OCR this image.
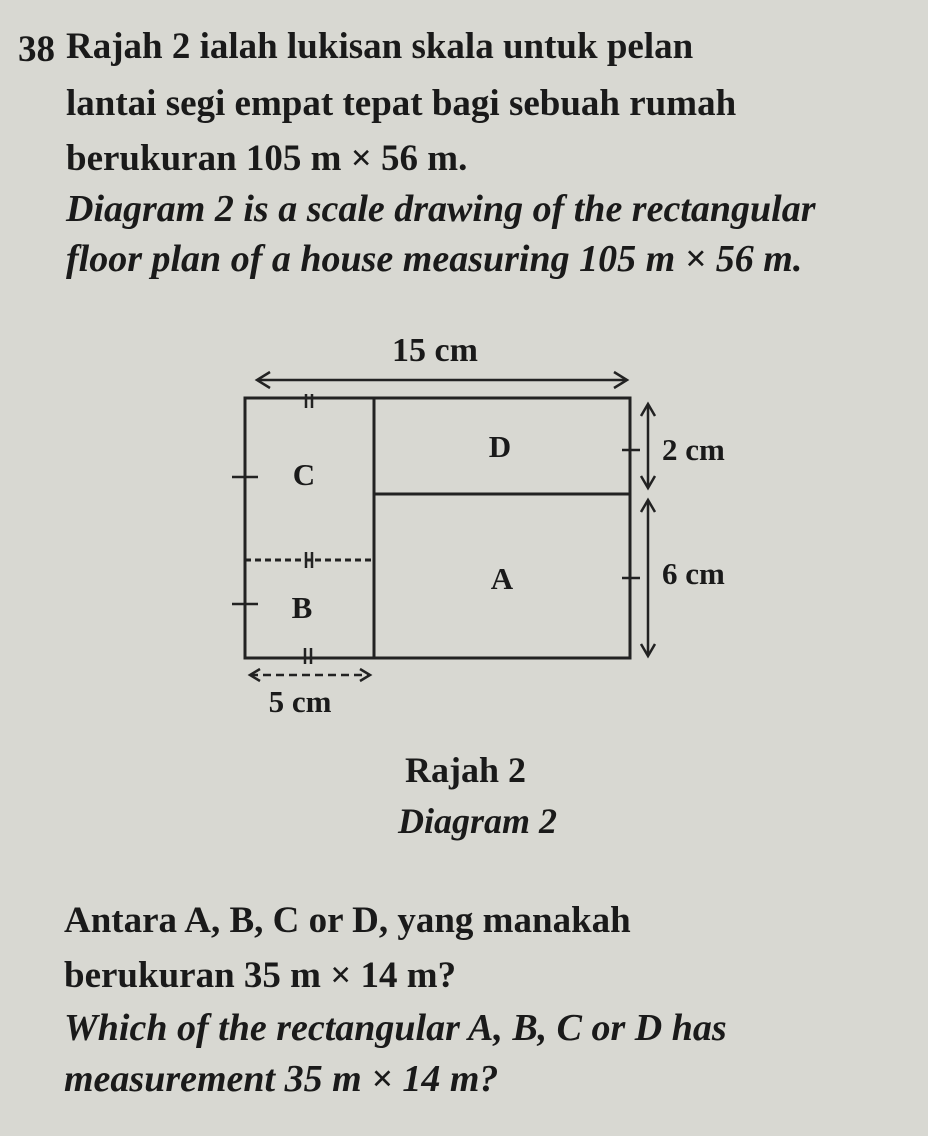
38 Rajah 2 ialah lukisan skala untuk pelan
lantai segi empat tepat bagi sebuah rumah
berukuran 105 m × 56 m.
Diagram 2 is a scale drawing of the rectangular
floor plan of a house measuring 105 m × 56 m.
15 cm
5 cm
2 cm
6 cm
D
C
A
B
Rajah 2
Diagram 2
Antara A, B, C or D, yang manakah
berukuran 35 m × 14 m?
Which of the rectangular A, B, C or D has
measurement 35 m × 14 m?
